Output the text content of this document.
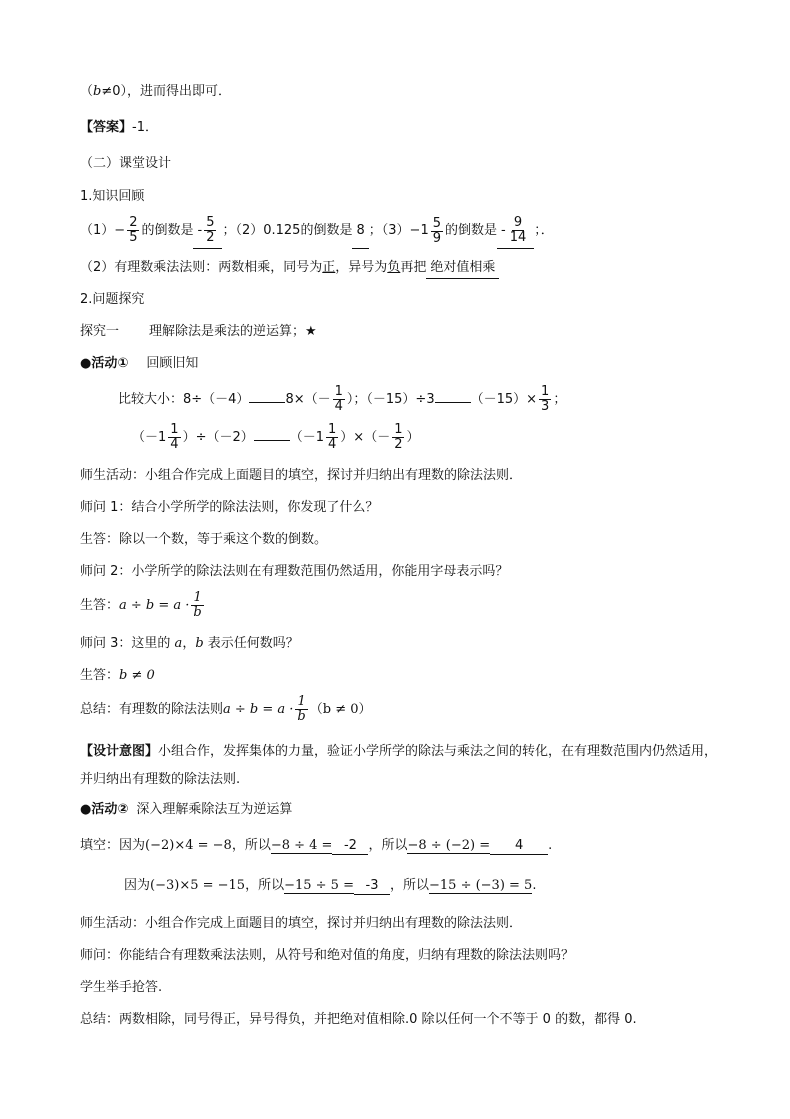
（b≠0），进而得出即可．
【答案】-1．
（二）课堂设计
1.知识回顾
$(1)- \frac{2}{5}$ 的倒数是 - $\frac{5}{2}$ ；（2）0.125的倒数是 8 ；$(3)- 1 \frac{5}{9}$ 的倒数是 - $\frac{9}{14}$ ；．
（2）有理数乘法法则：两数相乘，同号为正，异号为负再把 绝对值相乘
2.问题探究
探究一 理解除法是乘法的逆运算；★
●活动① 回顾旧知
比较大小：8÷（－4）	$8\times(- \frac{1}{4}$ ）；（－15）÷3	$(-15)\times \frac{1}{3}$ ；
$(-1 \frac{1}{4} )\div(-2)$	（$-1 \frac{1}{4}$ ）×（－ $\frac{1}{2}$ ）
师生活动：小组合作完成上面题目的填空，探讨并归纳出有理数的除法法则．
师问 1：结合小学所学的除法法则，你发现了什么？
生答：除以一个数，等于乘这个数的倒数。
师问 2：小学所学的除法法则在有理数范围仍然适用，你能用字母表示吗？
生答：$a \div b = a \cdot \frac{1}{b}$
师问 3：这里的 a，b 表示任何数吗？
生答：b ≠ 0
总结：有理数的除法法则$a \div b = a \cdot \frac{1}{b} (b \ne 0)$
【设计意图】小组合作，发挥集体的力量，验证小学所学的除法与乘法之间的转化，在有理数范围内仍然适用，并归纳出有理数的除法法则.
●活动② 深入理解乘除法互为逆运算
填空：因为(−2)×4 = −8，所以−8 ÷ 4 = -2 ，所以−8 ÷ (−2) = 4 .
因为(−3)×5 = −15，所以−15 ÷ 5 = -3 ，所以−15 ÷ (−3) = 5.
师生活动：小组合作完成上面题目的填空，探讨并归纳出有理数的除法法则．
师问：你能结合有理数乘法法则，从符号和绝对值的角度，归纳有理数的除法法则吗？
学生举手抢答.
总结：两数相除，同号得正，异号得负，并把绝对值相除.0 除以任何一个不等于 0 的数，都得 0.
